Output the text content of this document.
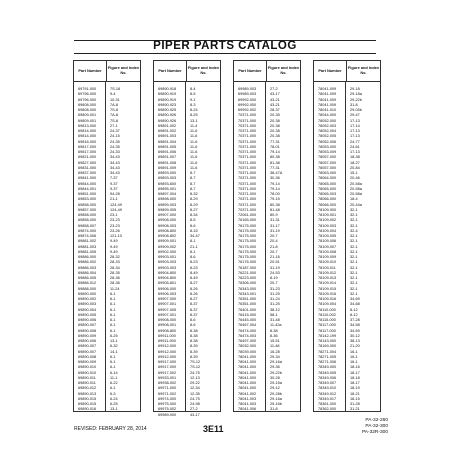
PIPER PARTS CATALOG
Part Number	Figure and Index No.
69791-000	7S-18
69796-000	9-4
69796-000	10-31
69808-000	7A-8
69808-000	7S-8
69809-001	7A-8
69809-001	7S-8
69813-000	27-1
69814-000	24-37
69814-000	24-15
69816-000	24-35
69817-000	24-35
69817-000	24-33
69821-000	34-43
69827-000	34-43
69831-000	34-43
69837-000	34-43
69841-000	7-37
69844-000	9-37
69844-001	9-37
69851-000	94-28
69853-000	21-1
69858-000	124-49
69857-000	124-49
69858-000	23-1
69858-000	23-23
69858-007	23-23
69874-000	23-26
69874-006	121-10
69881-002	9-49
69881-003	9-49
69881-005	9-49
69886-000	28-32
69886-002	28-33
69886-003	28-34
69886-004	28-35
69886-005	28-36
69886-012	28-36
69888-000	11-24
69890-000	6-1
69890-002	6-1
69890-003	6-1
69890-004	6-1
69890-005	6-1
69890-006	6-1
69890-007	6-1
69890-008	6-1
69890-009	6-25
69890-006	13-1
69890-007	6-32
69890-007	14-1
69890-008	6-1
69890-009	6-1
69890-010	6-1
69890-010	6-14
69890-011	11-1
69890-011	6-22
69890-012	6-1
69890-013	6-3
69890-015	6-24
69890-015	6-25
69890-016	13-1
Part Number	Figure and Index No.
69890-918	8-4
69890-919	8-5
69890-919	9-1
69890-923	8-3
69890-925	8-24
69890-926	8-25
69890-926	13-1
69891-002	11-4
69891-002	11-6
69891-003	11-6
69891-004	11-6
69891-005	11-6
69891-006	11-6
69891-007	11-6
69891-008	11-6
69891-009	11-6
69893-000	8-7
69893-003	8-7
69893-600	8-7
69895-001	8-7
69897-004	8-32
69898-000	8-29
69899-003	8-29
69899-005	8-27
69907-000	8-34
69908-000	8-5
69908-003	8-6
69908-800	8-15
69908-802	34-47
69909-001	8-1
69909-002	21-1
69902-000	8-1
69903-001	8-6
69903-003	8-23
69903-003	8-23
69904-800	8-49
69904-800	8-49
69905-801	8-27
69906-000	8-26
69906-003	8-26
69907-000	8-27
69907-001	8-37
69907-005	8-37
69907-001	8-37
69908-000	8-6
69908-001	8-6
69908-800	8-38
69911-000	8-38
69911-900	8-38
69912-000	8-39
69912-000	8-39
69912-000	8-39
69917-000	7S-12
69917-000	7S-12
69917-002	24-75
69933-001	12-13
69938-002	29-22
69971-000	12-34
69971-002	12-35
69974-000	24-75
69975-000	24-98
69975-002	27-2
69989-000	43-17
Part Number	Figure and Index No.
69989-003	27-2
69989-003	43-17
69992-000	43-21
69992-000	43-21
69992-002	28-37
70371-000	20-35
70371-000	20-38
70371-000	20-38
70371-000	20-38
70371-000	20-38
70371-000	77-31
70371-000	78-01
70371-000	79-14
70371-000	80-38
70371-000	81-38
70371-000	77-31
70371-000	38-47A
70371-000	30-36
70371-000	79-14
70371-000	79-14
70371-000	78-00
70371-000	79-15
70371-000	80-38
70371-000	81-48
72061-000	80-9
76165-000	31-31
76175-000	31-17
76175-000	31-19
76175-000	20-7
76175-000	20-4
76175-000	21-8
76175-000	20-7
76175-000	21-16
76176-000	20-51
76187-000	31-19
76221-000	24-53
76223-000	8-19
76306-000	20-7
76343-000	31-23
76343-001	31-25
76351-000	31-24
76351-000	31-25
76401-000	38-12
76415-000	58-1
76445-000	31-48
76467-004	11-42a
76474-000	8-38
76474-003	8-36
76497-000	15-51
78032-000	11-48
78039-000	16-28
78041-000	29-34
78041-000	29-16a
78041-000	29-36
78041-000	29-22b
78041-000	30-28
78041-000	29-15a
78041-000	29-12
78041-002	29-28b
78041-003	29-16a
78041-003	29-16b
78041-006	31-8
Part Number	Figure and Index No.
78041-009	29-18
78041-009	29-18a
78041-009	29-22b
78041-009	31-8
78041-010	29-05b
78044-000	29-47
78052-000	17-13
78052-003	17-14
78052-004	17-13
78052-005	17-13
78052-006	24-77
78053-000	24-61
78053-009	17-13
78057-000	18-38
78057-000	18-27
78057-000	20-84
78063-000	15-1
78064-000	20-46
78065-000	20-58a
78065-000	20-58a
78065-003	20-58a
78066-000	18-4
78066-000	20-44a
78109-000	32-1
78109-001	32-1
78109-002	32-1
78109-003	32-1
78109-004	32-4
78109-005	32-1
78109-006	32-1
78109-007	32-1
78109-008	32-1
78109-009	32-1
78109-010	32-1
78109-011	32-1
78109-012	32-1
78109-013	32-1
78109-014	32-1
78109-015	32-1
78109-016	32-1
78109-016	34-69
78109-004	34-68
78110-000	8-12
78110-002	8-12
78115-000	37-28
78117-000	34-58
78117-000	34-59
78142-199	30-12
78143-000	38-13
78169-000	21-20
78271-004	16-1
78271-005	16-1
78271-006	16-1
78349-000	18-16
78349-005	18-17
78349-006	18-18
78349-007	18-17
78349-010	18-19
78349-012	18-21
78349-017	18-15
78361-000	31-28
78362-000	31-21
REVISED: FEBRUARY 28, 2014	3E11
PA-32-260
PA-32-300
PA-32R-300
